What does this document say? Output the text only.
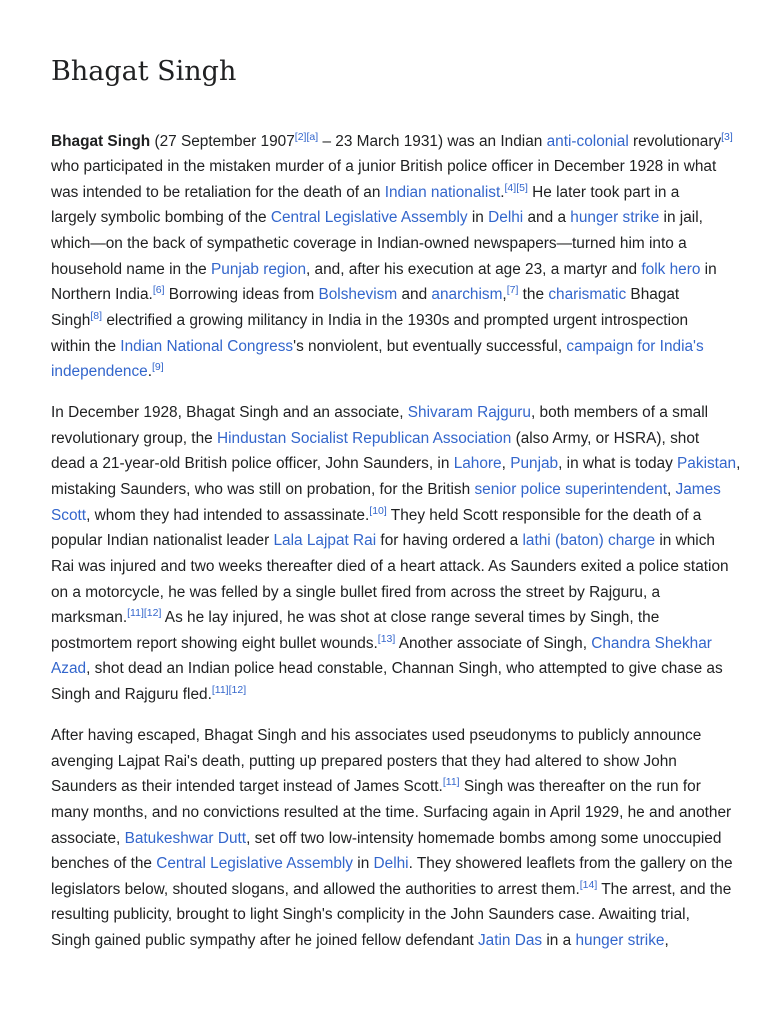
Bhagat Singh
Bhagat Singh (27 September 1907[2][a] – 23 March 1931) was an Indian anti-colonial revolutionary[3]
who participated in the mistaken murder of a junior British police officer in December 1928 in what
was intended to be retaliation for the death of an Indian nationalist.[4][5] He later took part in a
largely symbolic bombing of the Central Legislative Assembly in Delhi and a hunger strike in jail,
which—on the back of sympathetic coverage in Indian-owned newspapers—turned him into a
household name in the Punjab region, and, after his execution at age 23, a martyr and folk hero in
Northern India.[6] Borrowing ideas from Bolshevism and anarchism,[7] the charismatic Bhagat
Singh[8] electrified a growing militancy in India in the 1930s and prompted urgent introspection
within the Indian National Congress's nonviolent, but eventually successful, campaign for India's
independence.[9]
In December 1928, Bhagat Singh and an associate, Shivaram Rajguru, both members of a small
revolutionary group, the Hindustan Socialist Republican Association (also Army, or HSRA), shot
dead a 21-year-old British police officer, John Saunders, in Lahore, Punjab, in what is today Pakistan,
mistaking Saunders, who was still on probation, for the British senior police superintendent, James
Scott, whom they had intended to assassinate.[10] They held Scott responsible for the death of a
popular Indian nationalist leader Lala Lajpat Rai for having ordered a lathi (baton) charge in which
Rai was injured and two weeks thereafter died of a heart attack. As Saunders exited a police station
on a motorcycle, he was felled by a single bullet fired from across the street by Rajguru, a
marksman.[11][12] As he lay injured, he was shot at close range several times by Singh, the
postmortem report showing eight bullet wounds.[13] Another associate of Singh, Chandra Shekhar
Azad, shot dead an Indian police head constable, Channan Singh, who attempted to give chase as
Singh and Rajguru fled.[11][12]
After having escaped, Bhagat Singh and his associates used pseudonyms to publicly announce
avenging Lajpat Rai's death, putting up prepared posters that they had altered to show John
Saunders as their intended target instead of James Scott.[11] Singh was thereafter on the run for
many months, and no convictions resulted at the time. Surfacing again in April 1929, he and another
associate, Batukeshwar Dutt, set off two low-intensity homemade bombs among some unoccupied
benches of the Central Legislative Assembly in Delhi. They showered leaflets from the gallery on the
legislators below, shouted slogans, and allowed the authorities to arrest them.[14] The arrest, and the
resulting publicity, brought to light Singh's complicity in the John Saunders case. Awaiting trial,
Singh gained public sympathy after he joined fellow defendant Jatin Das in a hunger strike,
